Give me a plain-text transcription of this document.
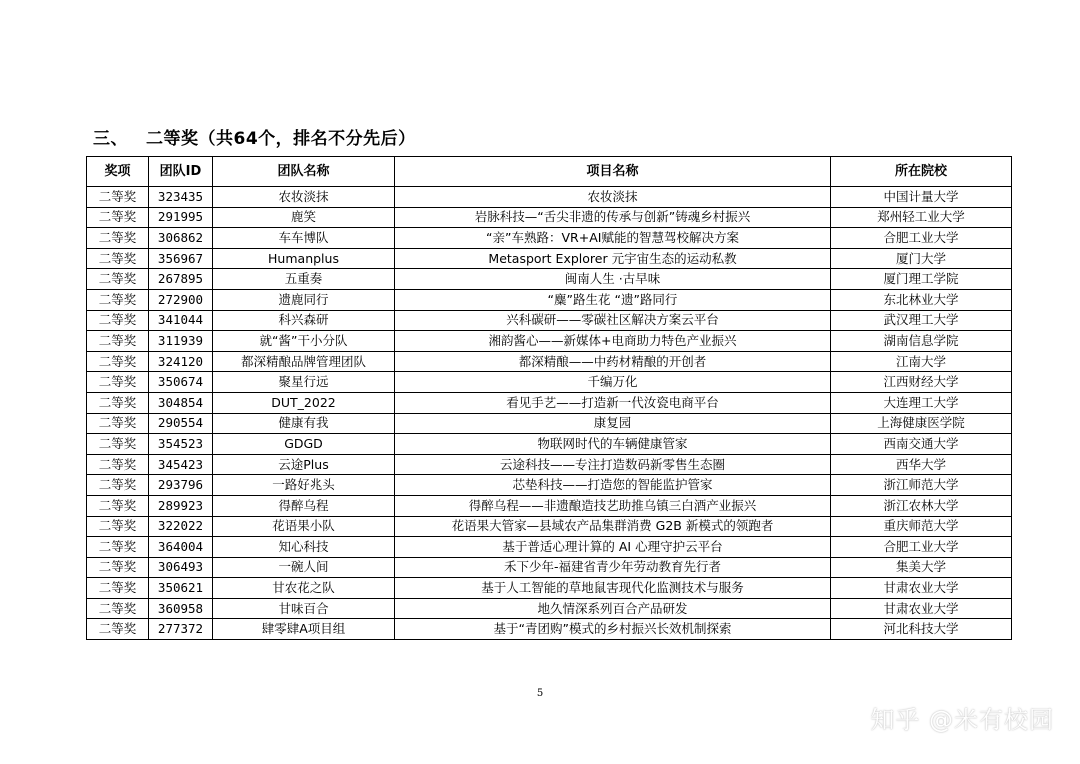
三、 二等奖（共64个，排名不分先后）
奖项	团队ID	团队名称	项目名称	所在院校
二等奖	323435	农妆淡抹	农妆淡抹	中国计量大学
二等奖	291995	鹿笑	岩脉科技—“舌尖非遗的传承与创新”铸魂乡村振兴	郑州轻工业大学
二等奖	306862	车车博队	“亲”车熟路：VR+AI赋能的智慧驾校解决方案	合肥工业大学
二等奖	356967	Humanplus	Metasport Explorer 元宇宙生态的运动私教	厦门大学
二等奖	267895	五重奏	闽南人生 ·古早味	厦门理工学院
二等奖	272900	遗鹿同行	“麋”路生花 “遗”路同行	东北林业大学
二等奖	341044	科兴森研	兴科碳研——零碳社区解决方案云平台	武汉理工大学
二等奖	311939	就“酱”干小分队	湘韵酱心——新媒体+电商助力特色产业振兴	湖南信息学院
二等奖	324120	都深精酿品牌管理团队	都深精酿——中药材精酿的开创者	江南大学
二等奖	350674	聚星行远	千编万化	江西财经大学
二等奖	304854	DUT_2022	看见手艺——打造新一代汝瓷电商平台	大连理工大学
二等奖	290554	健康有我	康复园	上海健康医学院
二等奖	354523	GDGD	物联网时代的车辆健康管家	西南交通大学
二等奖	345423	云途Plus	云途科技——专注打造数码新零售生态圈	西华大学
二等奖	293796	一路好兆头	芯垫科技——打造您的智能监护管家	浙江师范大学
二等奖	289923	得醉乌程	得醉乌程——非遗酿造技艺助推乌镇三白酒产业振兴	浙江农林大学
二等奖	322022	花语果小队	花语果大管家—县域农产品集群消费 G2B 新模式的领跑者	重庆师范大学
二等奖	364004	知心科技	基于普适心理计算的 AI 心理守护云平台	合肥工业大学
二等奖	306493	一碗人间	禾下少年-福建省青少年劳动教育先行者	集美大学
二等奖	350621	甘农花之队	基于人工智能的草地鼠害现代化监测技术与服务	甘肃农业大学
二等奖	360958	甘味百合	地久情深系列百合产品研发	甘肃农业大学
二等奖	277372	肆零肆A项目组	基于“青团购”模式的乡村振兴长效机制探索	河北科技大学
5
知乎 @米有校园
